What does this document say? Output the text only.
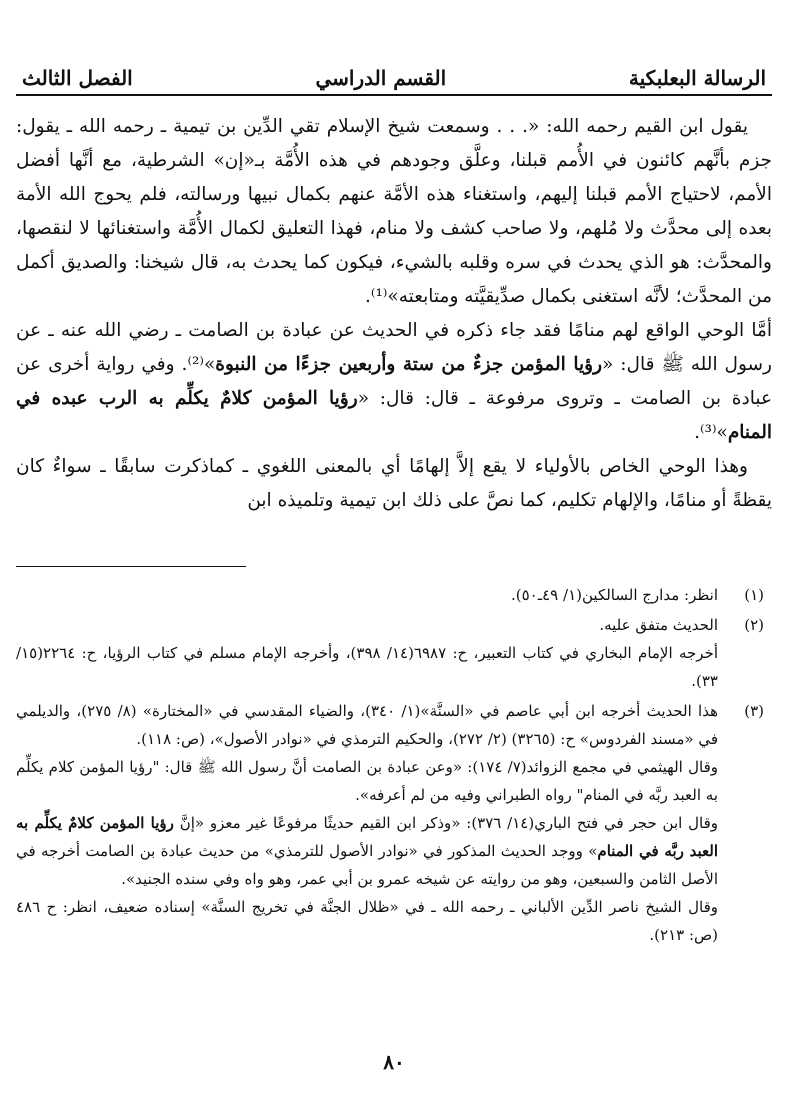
الرسالة البعلبكية
القسم الدراسي
الفصل الثالث

يقول ابن القيم رحمه الله: «. . . وسمعت شيخ الإسلام تقي الدِّين بن تيمية ـ رحمه الله ـ يقول: جزم بأنَّهم كائنون في الأُمم قبلنا، وعلَّق وجودهم في هذه الأُمَّة بـ«إن» الشرطية، مع أنَّها أفضل الأمم، لاحتياج الأمم قبلنا إليهم، واستغناء هذه الأمَّة عنهم بكمال نبيها ورسالته، فلم يحوج الله الأمة بعده إلى محدَّث ولا مُلهم، ولا صاحب كشف ولا منام، فهذا التعليق لكمال الأُمَّة واستغنائها لا لنقصها، والمحدَّث: هو الذي يحدث في سره وقلبه بالشيء، فيكون كما يحدث به، قال شيخنا: والصديق أكمل من المحدَّث؛ لأنَّه استغنى بكمال صدِّيقيَّته ومتابعته»⁽¹⁾.

أمَّا الوحي الواقع لهم منامًا فقد جاء ذكره في الحديث عن عبادة بن الصامت ـ رضي الله عنه ـ عن رسول الله ﷺ قال: «رؤيا المؤمن جزءٌ من ستة وأربعين جزءًا من النبوة»⁽²⁾. وفي رواية أخرى عن عبادة بن الصامت ـ وتروى مرفوعة ـ قال: قال: «رؤيا المؤمن كلامٌ يكلِّم به الرب عبده في المنام»⁽³⁾.

وهذا الوحي الخاص بالأولياء لا يقع إلاَّ إلهامًا أي بالمعنى اللغوي ـ كماذكرت سابقًا ـ سواءٌ كان يقظةً أو منامًا، والإلهام تكليم، كما نصَّ على ذلك ابن تيمية وتلميذه ابن

(١)

انظر: مدارج السالكين(١/ ٤٩ـ٥٠).

(٢)

الحديث متفق عليه.

أخرجه الإمام البخاري في كتاب التعبير، ح: ٦٩٨٧(١٤/ ٣٩٨)، وأخرجه الإمام مسلم في كتاب الرؤيا، ح: ٢٢٦٤(١٥/ ٣٣).

(٣)

هذا الحديث أخرجه ابن أبي عاصم في «السنَّة»(١/ ٣٤٠)، والضياء المقدسي في «المختارة» (٨/ ٢٧٥)، والديلمي في «مسند الفردوس» ح: (٣٢٦٥) (٢/ ٢٧٢)، والحكيم الترمذي في «نوادر الأصول»، (ص: ١١٨).

وقال الهيثمي في مجمع الزوائد(٧/ ١٧٤): «وعن عبادة بن الصامت أنَّ رسول الله ﷺ قال: "رؤيا المؤمن كلام يكلِّم به العبد ربَّه في المنام" رواه الطبراني وفيه من لم أعرفه».

وقال ابن حجر في فتح الباري(١٤/ ٣٧٦): «وذكر ابن القيم حديثًا مرفوعًا غير معزو «إنَّ رؤيا المؤمن كلامٌ يكلِّم به العبد ربَّه في المنام» ووجد الحديث المذكور في «نوادر الأصول للترمذي» من حديث عبادة بن الصامت أخرجه في الأصل الثامن والسبعين، وهو من روايته عن شيخه عمرو بن أبي عمر، وهو واه وفي سنده الجنيد».

وقال الشيخ ناصر الدِّين الألباني ـ رحمه الله ـ في «ظلال الجنَّة في تخريج السنَّة» إسناده ضعيف، انظر: ح ٤٨٦ (ص: ٢١٣).

٨٠
